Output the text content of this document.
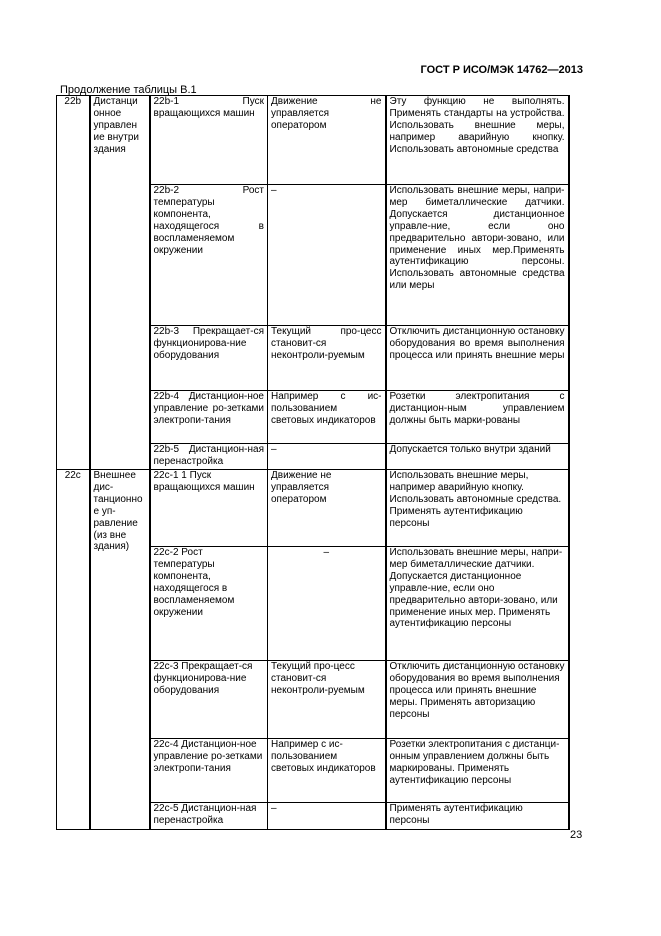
ГОСТ Р ИСО/МЭК 14762—2013
Продолжение таблицы В.1
22b	Дистанци онное управлен ие внутри здания	22b-1 Пуск вращающихся машин	Движение не управляется оператором	Эту функцию не выполнять. Применять стандарты на устройства. Использовать внешние меры, например аварийную кнопку. Использовать автономные средства
		22b-2 Рост температуры компонента, находящегося в воспламеняемом окружении	–	Использовать внешние меры, напри-мер биметаллические датчики. Допускается дистанционное управле-ние, если оно предварительно автори-зовано, или применение иных мер.Применять аутентификацию персоны. Использовать автономные средства или меры
		22b-3 Прекращает-ся функционирова-ние оборудования	Текущий про-цесс становит-ся неконтроли-руемым	Отключить дистанционную остановку оборудования во время выполнения процесса или принять внешние меры
		22b-4 Дистанцион-ное управление ро-зетками электропи-тания	Например с ис-пользованием световых индикаторов	Розетки электропитания с дистанцион-ным управлением должны быть марки-рованы
		22b-5 Дистанцион-ная перенастройка	–	Допускается только внутри зданий
22c	Внешнее дис-танционно е уп-равление (из вне здания)	22c-1 1 Пуск вращающихся машин	Движение не управляется оператором	Использовать внешние меры, например аварийную кнопку. Использовать автономные средства. Применять аутентификацию персоны
		22c-2 Рост температуры компонента, находящегося в воспламеняемом окружении	–	Использовать внешние меры, напри-мер биметаллические датчики. Допускается дистанционное управле-ние, если оно предварительно автори-зовано, или применение иных мер. Применять аутентификацию персоны
		22c-3 Прекращает-ся функционирова-ние оборудования	Текущий про-цесс становит-ся неконтроли-руемым	Отключить дистанционную остановку оборудования во время выполнения процесса или принять внешние меры. Применять авторизацию персоны
		22c-4 Дистанцион-ное управление ро-зетками электропи-тания	Например с ис-пользованием световых индикаторов	Розетки электропитания с дистанци-онным управлением должны быть маркированы. Применять аутентификацию персоны
		22c-5 Дистанцион-ная перенастройка	–	Применять аутентификацию персоны
23
